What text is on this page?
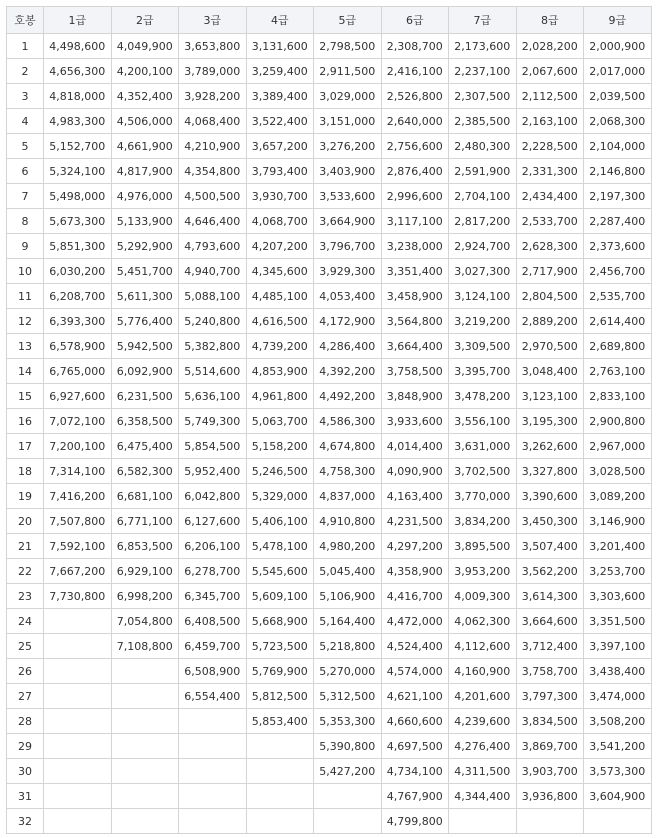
호봉	1급	2급	3급	4급	5급	6급	7급	8급	9급
1	4,498,600	4,049,900	3,653,800	3,131,600	2,798,500	2,308,700	2,173,600	2,028,200	2,000,900
2	4,656,300	4,200,100	3,789,000	3,259,400	2,911,500	2,416,100	2,237,100	2,067,600	2,017,000
3	4,818,000	4,352,400	3,928,200	3,389,400	3,029,000	2,526,800	2,307,500	2,112,500	2,039,500
4	4,983,300	4,506,000	4,068,400	3,522,400	3,151,000	2,640,000	2,385,500	2,163,100	2,068,300
5	5,152,700	4,661,900	4,210,900	3,657,200	3,276,200	2,756,600	2,480,300	2,228,500	2,104,000
6	5,324,100	4,817,900	4,354,800	3,793,400	3,403,900	2,876,400	2,591,900	2,331,300	2,146,800
7	5,498,000	4,976,000	4,500,500	3,930,700	3,533,600	2,996,600	2,704,100	2,434,400	2,197,300
8	5,673,300	5,133,900	4,646,400	4,068,700	3,664,900	3,117,100	2,817,200	2,533,700	2,287,400
9	5,851,300	5,292,900	4,793,600	4,207,200	3,796,700	3,238,000	2,924,700	2,628,300	2,373,600
10	6,030,200	5,451,700	4,940,700	4,345,600	3,929,300	3,351,400	3,027,300	2,717,900	2,456,700
11	6,208,700	5,611,300	5,088,100	4,485,100	4,053,400	3,458,900	3,124,100	2,804,500	2,535,700
12	6,393,300	5,776,400	5,240,800	4,616,500	4,172,900	3,564,800	3,219,200	2,889,200	2,614,400
13	6,578,900	5,942,500	5,382,800	4,739,200	4,286,400	3,664,400	3,309,500	2,970,500	2,689,800
14	6,765,000	6,092,900	5,514,600	4,853,900	4,392,200	3,758,500	3,395,700	3,048,400	2,763,100
15	6,927,600	6,231,500	5,636,100	4,961,800	4,492,200	3,848,900	3,478,200	3,123,100	2,833,100
16	7,072,100	6,358,500	5,749,300	5,063,700	4,586,300	3,933,600	3,556,100	3,195,300	2,900,800
17	7,200,100	6,475,400	5,854,500	5,158,200	4,674,800	4,014,400	3,631,000	3,262,600	2,967,000
18	7,314,100	6,582,300	5,952,400	5,246,500	4,758,300	4,090,900	3,702,500	3,327,800	3,028,500
19	7,416,200	6,681,100	6,042,800	5,329,000	4,837,000	4,163,400	3,770,000	3,390,600	3,089,200
20	7,507,800	6,771,100	6,127,600	5,406,100	4,910,800	4,231,500	3,834,200	3,450,300	3,146,900
21	7,592,100	6,853,500	6,206,100	5,478,100	4,980,200	4,297,200	3,895,500	3,507,400	3,201,400
22	7,667,200	6,929,100	6,278,700	5,545,600	5,045,400	4,358,900	3,953,200	3,562,200	3,253,700
23	7,730,800	6,998,200	6,345,700	5,609,100	5,106,900	4,416,700	4,009,300	3,614,300	3,303,600
24		7,054,800	6,408,500	5,668,900	5,164,400	4,472,000	4,062,300	3,664,600	3,351,500
25		7,108,800	6,459,700	5,723,500	5,218,800	4,524,400	4,112,600	3,712,400	3,397,100
26			6,508,900	5,769,900	5,270,000	4,574,000	4,160,900	3,758,700	3,438,400
27			6,554,400	5,812,500	5,312,500	4,621,100	4,201,600	3,797,300	3,474,000
28				5,853,400	5,353,300	4,660,600	4,239,600	3,834,500	3,508,200
29					5,390,800	4,697,500	4,276,400	3,869,700	3,541,200
30					5,427,200	4,734,100	4,311,500	3,903,700	3,573,300
31						4,767,900	4,344,400	3,936,800	3,604,900
32						4,799,800			
